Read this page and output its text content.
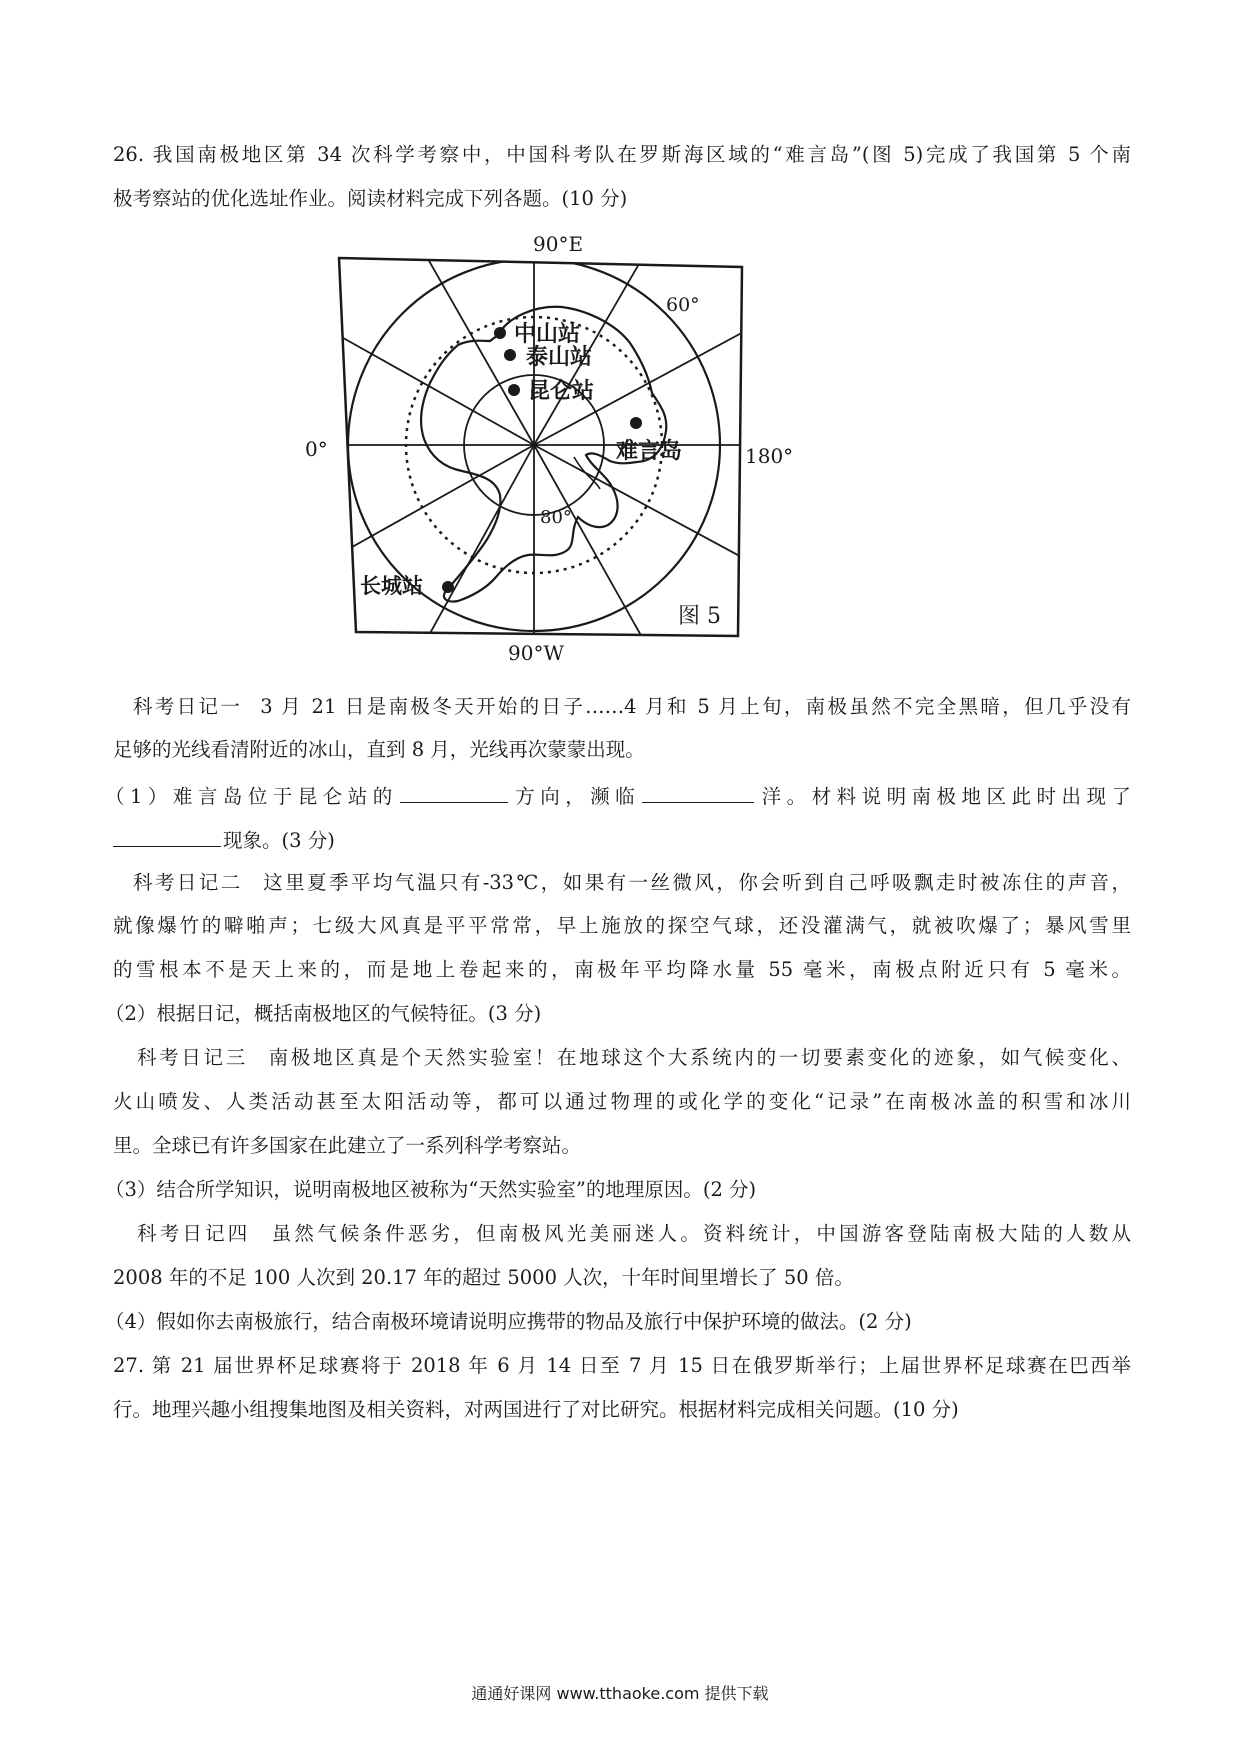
26. 我国南极地区第 34 次科学考察中，中国科考队在罗斯海区域的“难言岛”(图 5)完成了我国第 5 个南
极考察站的优化选址作业。阅读材料完成下列各题。(10 分)
90°E
90°W
中山站
泰山站
昆仑站
难言岛
长城站
60°
80°
图 5
0°	180°
科考日记一 3 月 21 日是南极冬天开始的日子……4 月和 5 月上旬，南极虽然不完全黑暗，但几乎没有
足够的光线看清附近的冰山，直到 8 月，光线再次蒙蒙出现。
（1）难言岛位于昆仑站的	方向，濒临	洋。材料说明南极地区此时出现了
现象。(3 分)
科考日记二 这里夏季平均气温只有-33℃，如果有一丝微风，你会听到自己呼吸飘走时被冻住的声音，
就像爆竹的噼啪声；七级大风真是平平常常，早上施放的探空气球，还没灌满气，就被吹爆了；暴风雪里
的雪根本不是天上来的，而是地上卷起来的，南极年平均降水量 55 毫米，南极点附近只有 5 毫米。
（2）根据日记，概括南极地区的气候特征。(3 分)
科考日记三 南极地区真是个天然实验室！在地球这个大系统内的一切要素变化的迹象，如气候变化、
火山喷发、人类活动甚至太阳活动等，都可以通过物理的或化学的变化“记录”在南极冰盖的积雪和冰川
里。全球已有许多国家在此建立了一系列科学考察站。
（3）结合所学知识，说明南极地区被称为“天然实验室”的地理原因。(2 分)
科考日记四 虽然气候条件恶劣，但南极风光美丽迷人。资料统计，中国游客登陆南极大陆的人数从
2008 年的不足 100 人次到 20.17 年的超过 5000 人次，十年时间里增长了 50 倍。
（4）假如你去南极旅行，结合南极环境请说明应携带的物品及旅行中保护环境的做法。(2 分)
27. 第 21 届世界杯足球赛将于 2018 年 6 月 14 日至 7 月 15 日在俄罗斯举行；上届世界杯足球赛在巴西举
行。地理兴趣小组搜集地图及相关资料，对两国进行了对比研究。根据材料完成相关问题。(10 分)
通通好课网 www.tthaoke.com 提供下载
